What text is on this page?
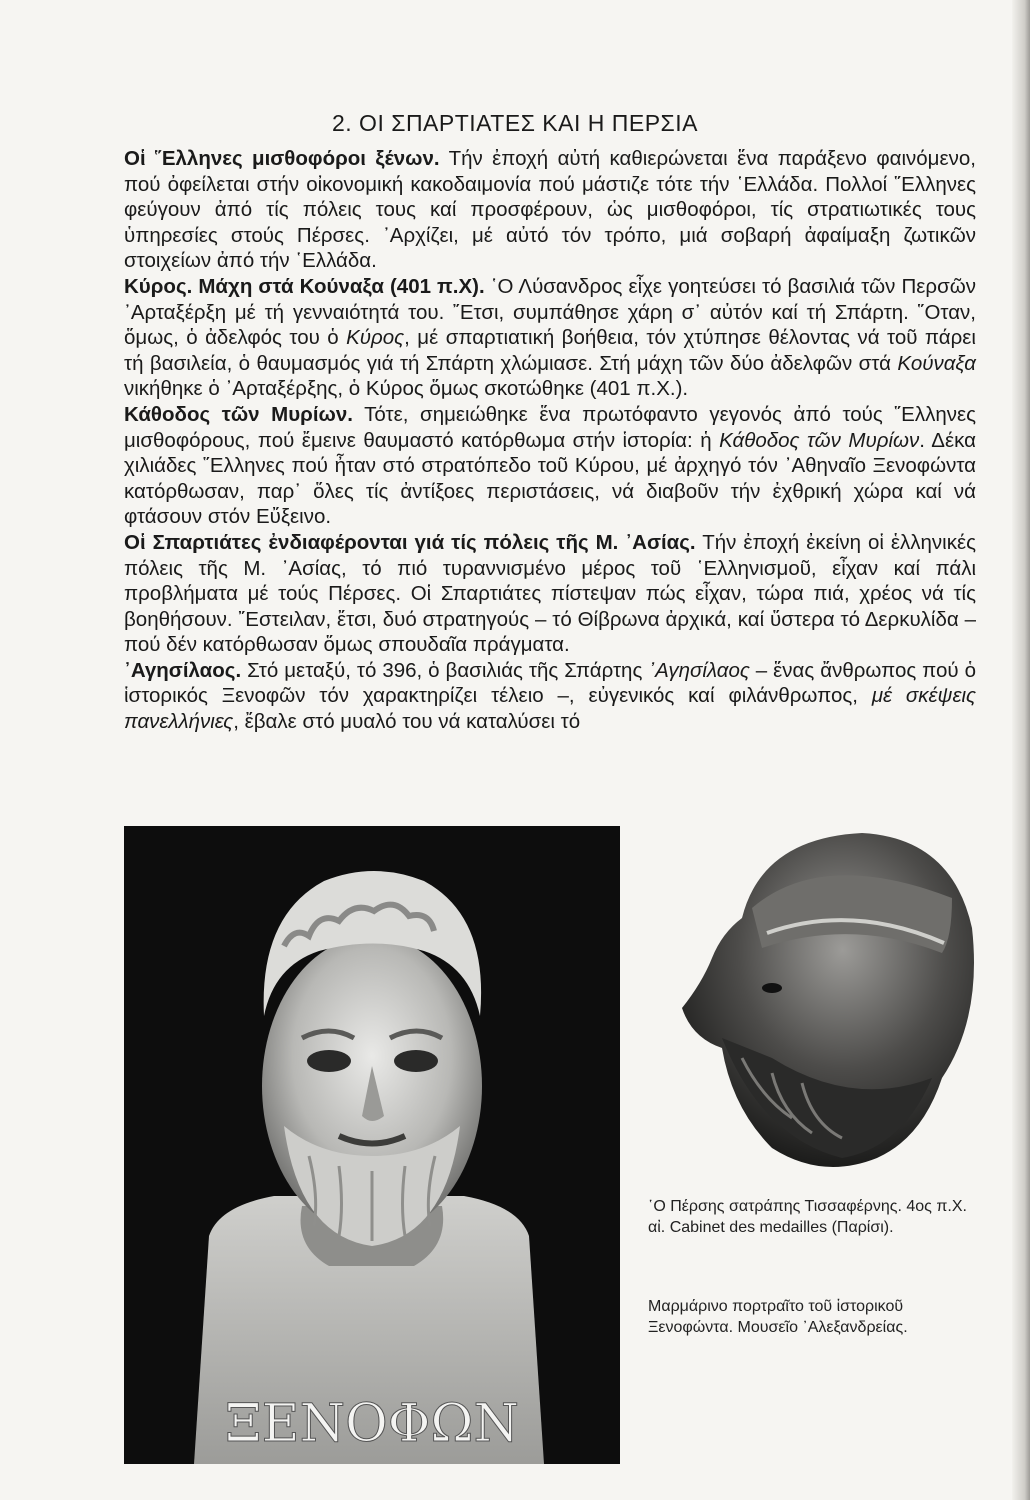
2. ΟΙ ΣΠΑΡΤΙΑΤΕΣ ΚΑΙ Η ΠΕΡΣΙΑ

Οἱ ῞Ελληνες μισθοφόροι ξένων. Τήν ἐποχή αὐτή καθιερώνεται ἕνα παράξενο φαινόμενο, πού ὀφείλεται στήν οἰκονομική κακοδαιμονία πού μάστιζε τότε τήν ῾Ελλάδα. Πολλοί ῞Ελληνες φεύγουν ἀπό τίς πόλεις τους καί προσφέρουν, ὡς μισθοφόροι, τίς στρατιωτικές τους ὑπηρεσίες στούς Πέρσες. ᾿Αρχίζει, μέ αὐτό τόν τρόπο, μιά σοβαρή ἀφαίμαξη ζωτικῶν στοιχείων ἀπό τήν ῾Ελλάδα.

Κύρος. Μάχη στά Κούναξα (401 π.Χ). ῾Ο Λύσανδρος εἶχε γοητεύσει τό βασιλιά τῶν Περσῶν ᾿Αρταξέρξη μέ τή γενναιότητά του. ῎Ετσι, συμπάθησε χάρη σ᾽ αὐτόν καί τή Σπάρτη. ῞Οταν, ὅμως, ὁ ἀδελφός του ὁ Κύρος, μέ σπαρτιατική βοήθεια, τόν χτύπησε θέλοντας νά τοῦ πάρει τή βασιλεία, ὁ θαυμασμός γιά τή Σπάρτη χλώμιασε. Στή μάχη τῶν δύο ἀδελφῶν στά Κούναξα νικήθηκε ὁ ᾿Αρταξέρξης, ὁ Κύρος ὅμως σκοτώθηκε (401 π.Χ.).

Κάθοδος τῶν Μυρίων. Τότε, σημειώθηκε ἕνα πρωτόφαντο γεγονός ἀπό τούς ῞Ελληνες μισθοφόρους, πού ἔμεινε θαυμαστό κατόρθωμα στήν ἱστορία: ἡ Κάθοδος τῶν Μυρίων. Δέκα χιλιάδες ῞Ελληνες πού ἦταν στό στρατόπεδο τοῦ Κύρου, μέ ἀρχηγό τόν ᾿Αθηναῖο Ξενοφώντα κατόρθωσαν, παρ᾽ ὅλες τίς ἀντίξοες περιστάσεις, νά διαβοῦν τήν ἐχθρική χώρα καί νά φτάσουν στόν Εὔξεινο.

Οἱ Σπαρτιάτες ἐνδιαφέρονται γιά τίς πόλεις τῆς Μ. ᾿Ασίας. Τήν ἐποχή ἐκείνη οἱ ἑλληνικές πόλεις τῆς Μ. ᾿Ασίας, τό πιό τυραννισμένο μέρος τοῦ ῾Ελληνισμοῦ, εἶχαν καί πάλι προβλήματα μέ τούς Πέρσες. Οἱ Σπαρτιάτες πίστεψαν πώς εἶχαν, τώρα πιά, χρέος νά τίς βοηθήσουν. ῎Εστειλαν, ἔτσι, δυό στρατηγούς – τό Θίβρωνα ἀρχικά, καί ὕστερα τό Δερκυλίδα – πού δέν κατόρθωσαν ὅμως σπουδαῖα πράγματα.

᾿Αγησίλαος. Στό μεταξύ, τό 396, ὁ βασιλιάς τῆς Σπάρτης ᾿Αγησίλαος – ἕνας ἄνθρωπος πού ὁ ἱστορικός Ξενοφῶν τόν χαρακτηρίζει τέλειο –, εὐγενικός καί φιλάνθρωπος, μέ σκέψεις πανελλήνιες, ἔβαλε στό μυαλό του νά καταλύσει τό

ΞΕΝΟΦΩΝ
῾Ο Πέρσης σατράπης Τισσαφέρνης. 4ος π.Χ. αἰ. Cabinet des medailles (Παρίσι).
Μαρμάρινο πορτραῖτο τοῦ ἱστορικοῦ Ξενοφώντα. Μουσεῖο ᾿Αλεξανδρείας.
